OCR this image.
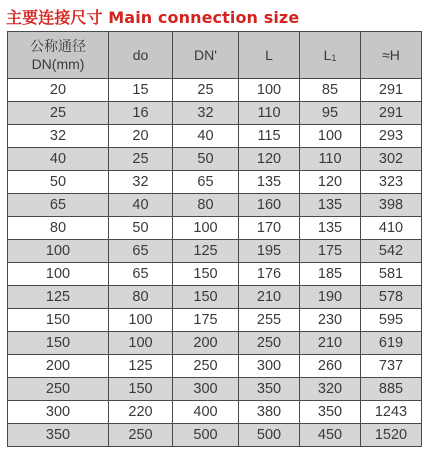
主要连接尺寸 Main connection size
公称通径
DN(mm)	do	DN'	L	$L_1$	≈H
20	15	25	100	85	291
25	16	32	110	95	291
32	20	40	115	100	293
40	25	50	120	110	302
50	32	65	135	120	323
65	40	80	160	135	398
80	50	100	170	135	410
100	65	125	195	175	542
100	65	150	176	185	581
125	80	150	210	190	578
150	100	175	255	230	595
150	100	200	250	210	619
200	125	250	300	260	737
250	150	300	350	320	885
300	220	400	380	350	1243
350	250	500	500	450	1520
